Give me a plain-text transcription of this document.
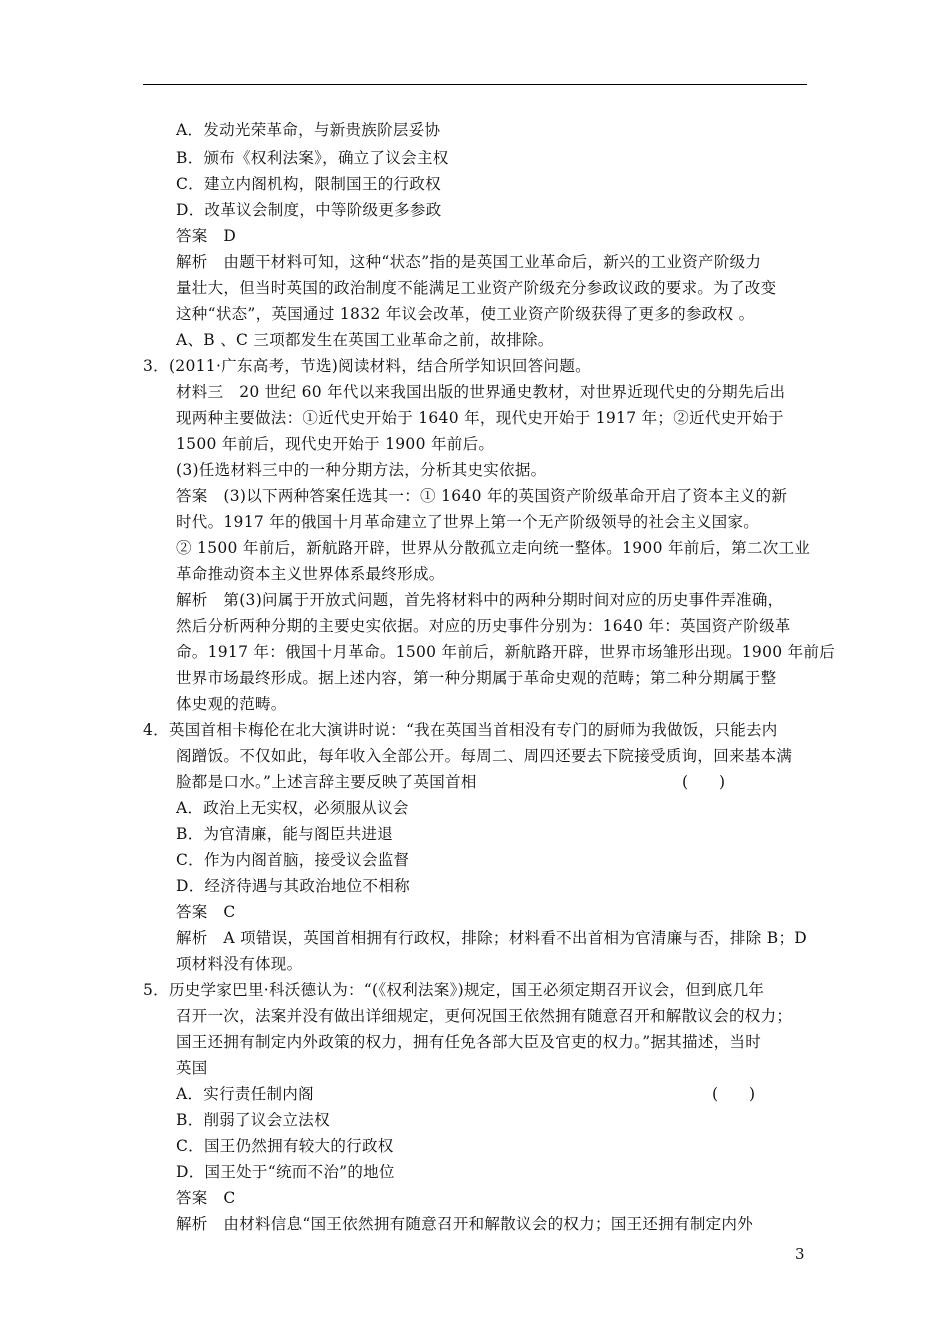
A．发动光荣革命，与新贵族阶层妥协
B．颁布《权利法案》，确立了议会主权
C．建立内阁机构，限制国王的行政权
D．改革议会制度，中等阶级更多参政
答案　D
解析　由题干材料可知，这种“状态”指的是英国工业革命后，新兴的工业资产阶级力
量壮大，但当时英国的政治制度不能满足工业资产阶级充分参政议政的要求。为了改变
这种“状态”，英国通过 1832 年议会改革，使工业资产阶级获得了更多的参政权 。
A、B 、C 三项都发生在英国工业革命之前，故排除。
3．(2011·广东高考，节选)阅读材料，结合所学知识回答问题。
材料三　20 世纪 60 年代以来我国出版的世界通史教材，对世界近现代史的分期先后出
现两种主要做法：①近代史开始于 1640 年，现代史开始于 1917 年；②近代史开始于
1500 年前后，现代史开始于 1900 年前后。
(3)任选材料三中的一种分期方法，分析其史实依据。
答案　(3)以下两种答案任选其一：① 1640 年的英国资产阶级革命开启了资本主义的新
时代。1917 年的俄国十月革命建立了世界上第一个无产阶级领导的社会主义国家。
② 1500 年前后，新航路开辟，世界从分散孤立走向统一整体。1900 年前后，第二次工业
革命推动资本主义世界体系最终形成。
解析　第(3)问属于开放式问题，首先将材料中的两种分期时间对应的历史事件弄准确，
然后分析两种分期的主要史实依据。对应的历史事件分别为：1640 年：英国资产阶级革
命。1917 年：俄国十月革命。1500 年前后，新航路开辟，世界市场雏形出现。1900 年前后
世界市场最终形成。据上述内容，第一种分期属于革命史观的范畴；第二种分期属于整
体史观的范畴。
4．英国首相卡梅伦在北大演讲时说：“我在英国当首相没有专门的厨师为我做饭，只能去内
阁蹭饭。不仅如此，每年收入全部公开。每周二、周四还要去下院接受质询，回来基本满
脸都是口水。”上述言辞主要反映了英国首相	(　　)
A．政治上无实权，必须服从议会
B．为官清廉，能与阁臣共进退
C．作为内阁首脑，接受议会监督
D．经济待遇与其政治地位不相称
答案　C
解析　A 项错误，英国首相拥有行政权，排除；材料看不出首相为官清廉与否，排除 B；D
项材料没有体现。
5．历史学家巴里·科沃德认为：“(《权利法案》)规定，国王必须定期召开议会，但到底几年
召开一次，法案并没有做出详细规定，更何况国王依然拥有随意召开和解散议会的权力；
国王还拥有制定内外政策的权力，拥有任免各部大臣及官吏的权力。”据其描述，当时
英国
A．实行责任制内阁	(　　)
B．削弱了议会立法权
C．国王仍然拥有较大的行政权
D．国王处于“统而不治”的地位
答案　C
解析　由材料信息“国王依然拥有随意召开和解散议会的权力；国王还拥有制定内外
3
